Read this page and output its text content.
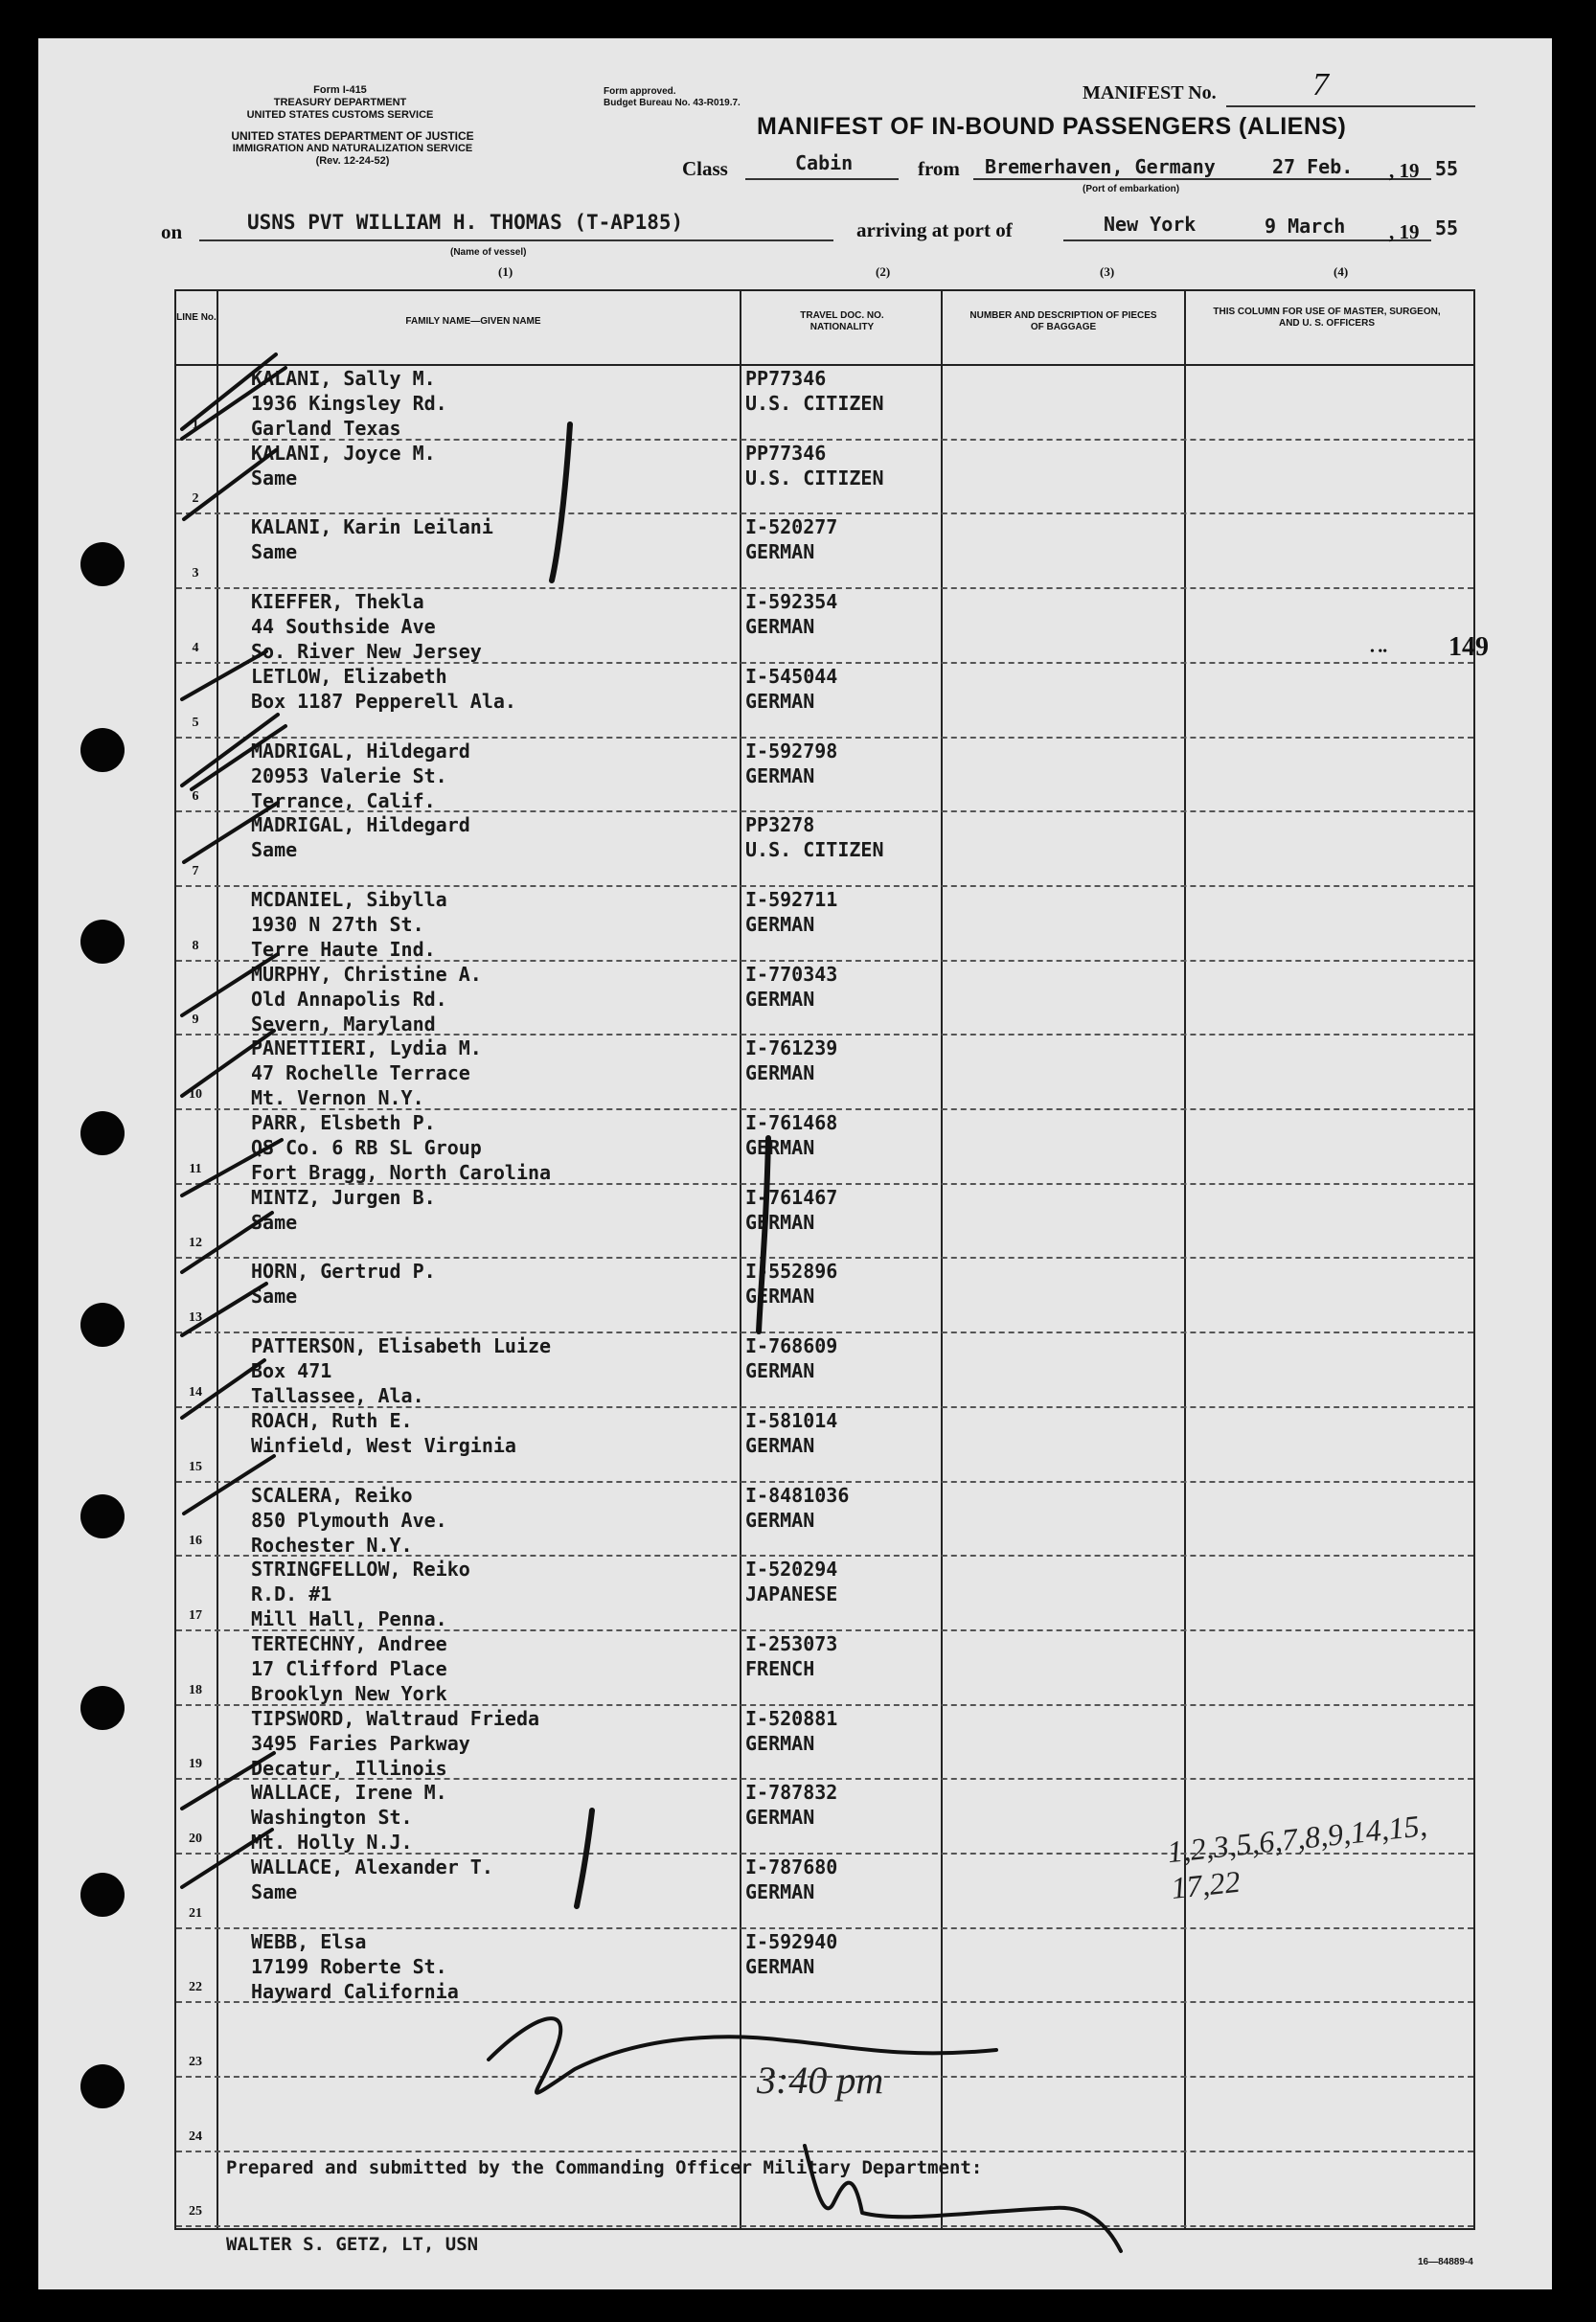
Form I-415
TREASURY DEPARTMENT
UNITED STATES CUSTOMS SERVICE
UNITED STATES DEPARTMENT OF JUSTICE
IMMIGRATION AND NATURALIZATION SERVICE
(Rev. 12-24-52)
Form approved.
Budget Bureau No. 43-R019.7.	MANIFEST No.	7
MANIFEST OF IN-BOUND PASSENGERS (ALIENS)
Class	Cabin	from Bremerhaven, Germany	27 Feb. , 19 55
(Port of embarkation)
on	USNS PVT WILLIAM H. THOMAS (T-AP185)
(Name of vessel)
arriving at port of	New York	9 March , 19 55
(1)	(2)	(3)	(4)
LINE No.	FAMILY NAME—GIVEN NAME
TRAVEL DOC. NO. NATIONALITY
NUMBER AND DESCRIPTION OF PIECES OF BAGGAGE
THIS COLUMN FOR USE OF MASTER, SURGEON, AND U. S. OFFICERS
1
KALANI, Sally M.
1936 Kingsley Rd.
Garland Texas
PP77346
U.S. CITIZEN
2
KALANI, Joyce M.
Same
PP77346
U.S. CITIZEN
3
KALANI, Karin Leilani
Same
I-520277
GERMAN
4
KIEFFER, Thekla
44 Southside Ave
So. River New Jersey
I-592354
GERMAN
5
LETLOW, Elizabeth
Box 1187 Pepperell Ala.
I-545044
GERMAN
6
MADRIGAL, Hildegard
20953 Valerie St.
Terrance, Calif.
I-592798
GERMAN
7
MADRIGAL, Hildegard
Same
PP3278
U.S. CITIZEN
8
MCDANIEL, Sibylla
1930 N 27th St.
Terre Haute Ind.
I-592711
GERMAN
9
MURPHY, Christine A.
Old Annapolis Rd.
Severn, Maryland
I-770343
GERMAN
10
PANETTIERI, Lydia M.
47 Rochelle Terrace
Mt. Vernon N.Y.
I-761239
GERMAN
11
PARR, Elsbeth P.
QS Co. 6 RB SL Group
Fort Bragg, North Carolina
I-761468
GERMAN
12
MINTZ, Jurgen B.
Same
I-761467
GERMAN
13
HORN, Gertrud P.
Same
I-552896
GERMAN
14
PATTERSON, Elisabeth Luize
Box 471
Tallassee, Ala.
I-768609
GERMAN
15
ROACH, Ruth E.
Winfield, West Virginia
I-581014
GERMAN
16
SCALERA, Reiko
850 Plymouth Ave.
Rochester N.Y.
I-8481036
GERMAN
17
STRINGFELLOW, Reiko
R.D. #1
Mill Hall, Penna.
I-520294
JAPANESE
18
TERTECHNY, Andree
17 Clifford Place
Brooklyn New York
I-253073
FRENCH
19
TIPSWORD, Waltraud Frieda
3495 Faries Parkway
Decatur, Illinois
I-520881
GERMAN
20
WALLACE, Irene M.
Washington St.
Mt. Holly N.J.
I-787832
GERMAN
21
WALLACE, Alexander T.
Same
I-787680
GERMAN
22
WEBB, Elsa
17199 Roberte St.
Hayward California
I-592940
GERMAN
23
24
25
Prepared and submitted by the Commanding Officer Military Department:
WALTER S. GETZ, LT, USN
149
• ••
1,2,3,5,6,7,8,9,14,15,
17,22
3:40 pm
16—84889-4
